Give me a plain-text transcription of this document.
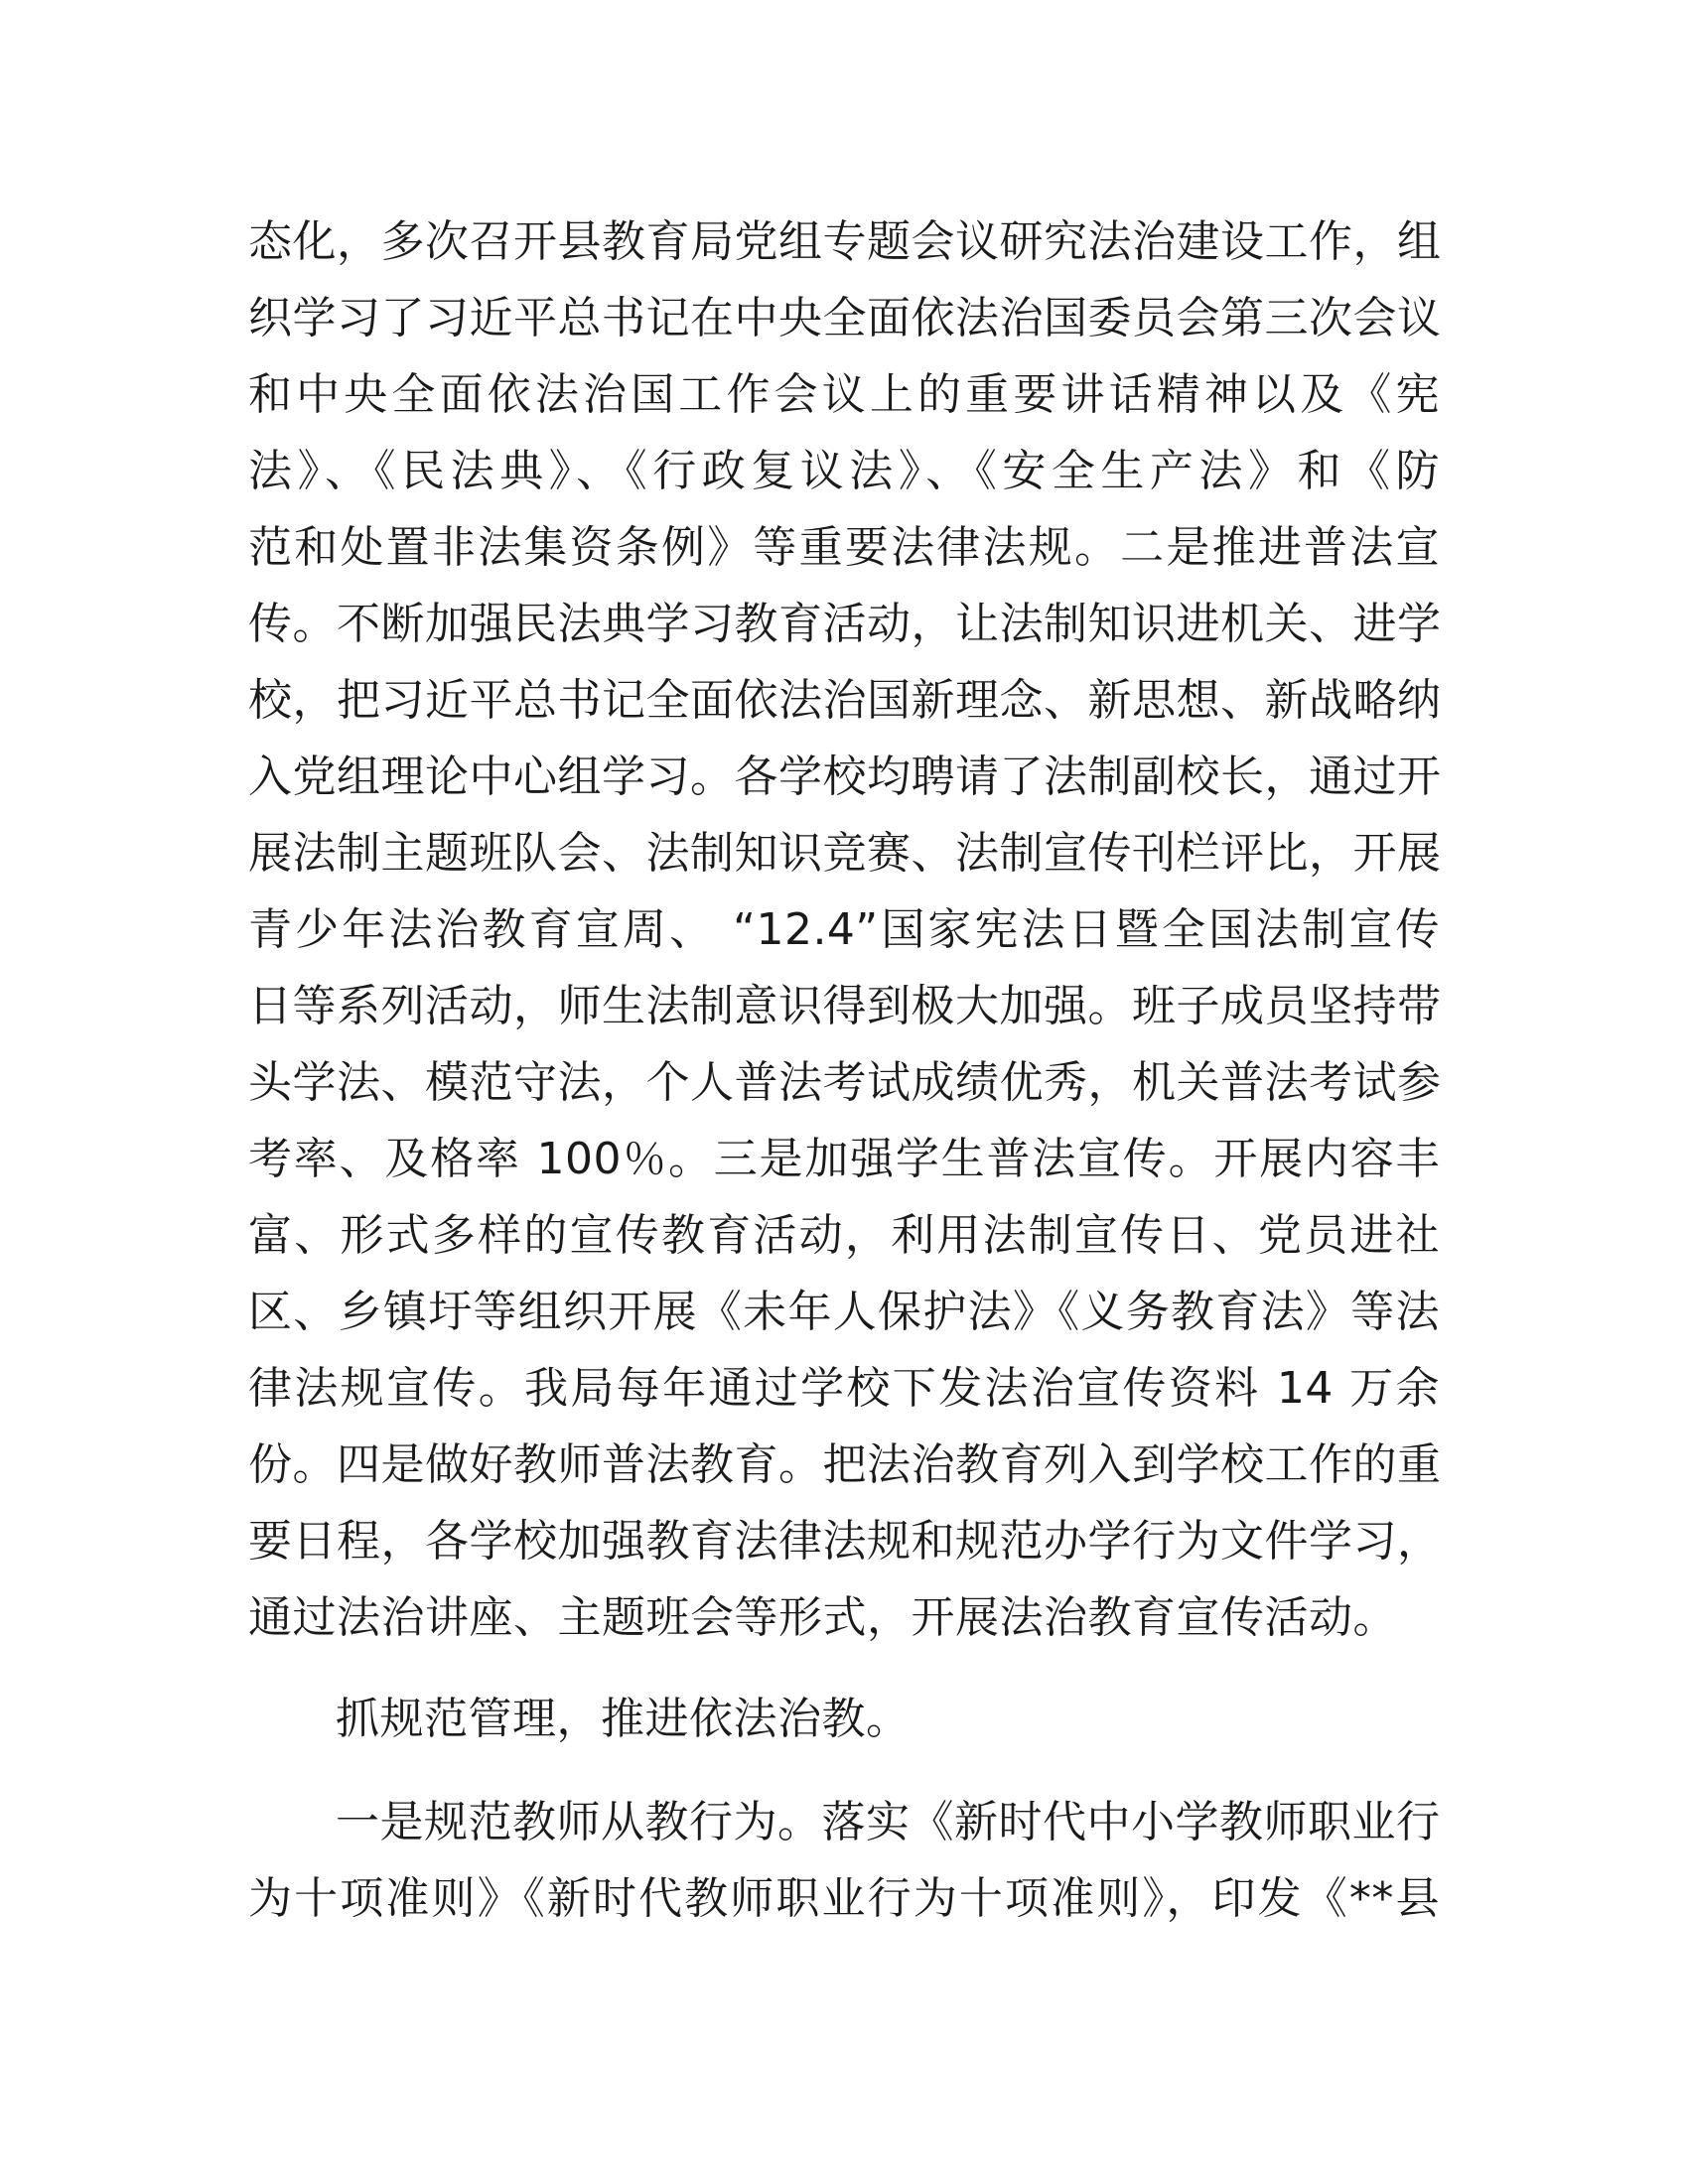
态化，多次召开县教育局党组专题会议研究法治建设工作，组
织学习了习近平总书记在中央全面依法治国委员会第三次会议
和中央全面依法治国工作会议上的重要讲话精神以及《宪
法》、《民法典》、《行政复议法》、《安全生产法》和《防
范和处置非法集资条例》等重要法律法规。二是推进普法宣
传。不断加强民法典学习教育活动，让法制知识进机关、进学
校，把习近平总书记全面依法治国新理念、新思想、新战略纳
入党组理论中心组学习。各学校均聘请了法制副校长，通过开
展法制主题班队会、法制知识竞赛、法制宣传刊栏评比，开展
青少年法治教育宣周、 “12.4”国家宪法日暨全国法制宣传
日等系列活动，师生法制意识得到极大加强。班子成员坚持带
头学法、模范守法，个人普法考试成绩优秀，机关普法考试参
考率、及格率 100％。三是加强学生普法宣传。开展内容丰
富、形式多样的宣传教育活动，利用法制宣传日、党员进社
区、乡镇圩等组织开展《未年人保护法》《义务教育法》等法
律法规宣传。我局每年通过学校下发法治宣传资料 14 万余
份。四是做好教师普法教育。把法治教育列入到学校工作的重
要日程，各学校加强教育法律法规和规范办学行为文件学习，
通过法治讲座、主题班会等形式，开展法治教育宣传活动。
抓规范管理，推进依法治教。
一是规范教师从教行为。落实《新时代中小学教师职业行
为十项准则》《新时代教师职业行为十项准则》，印发《**县
